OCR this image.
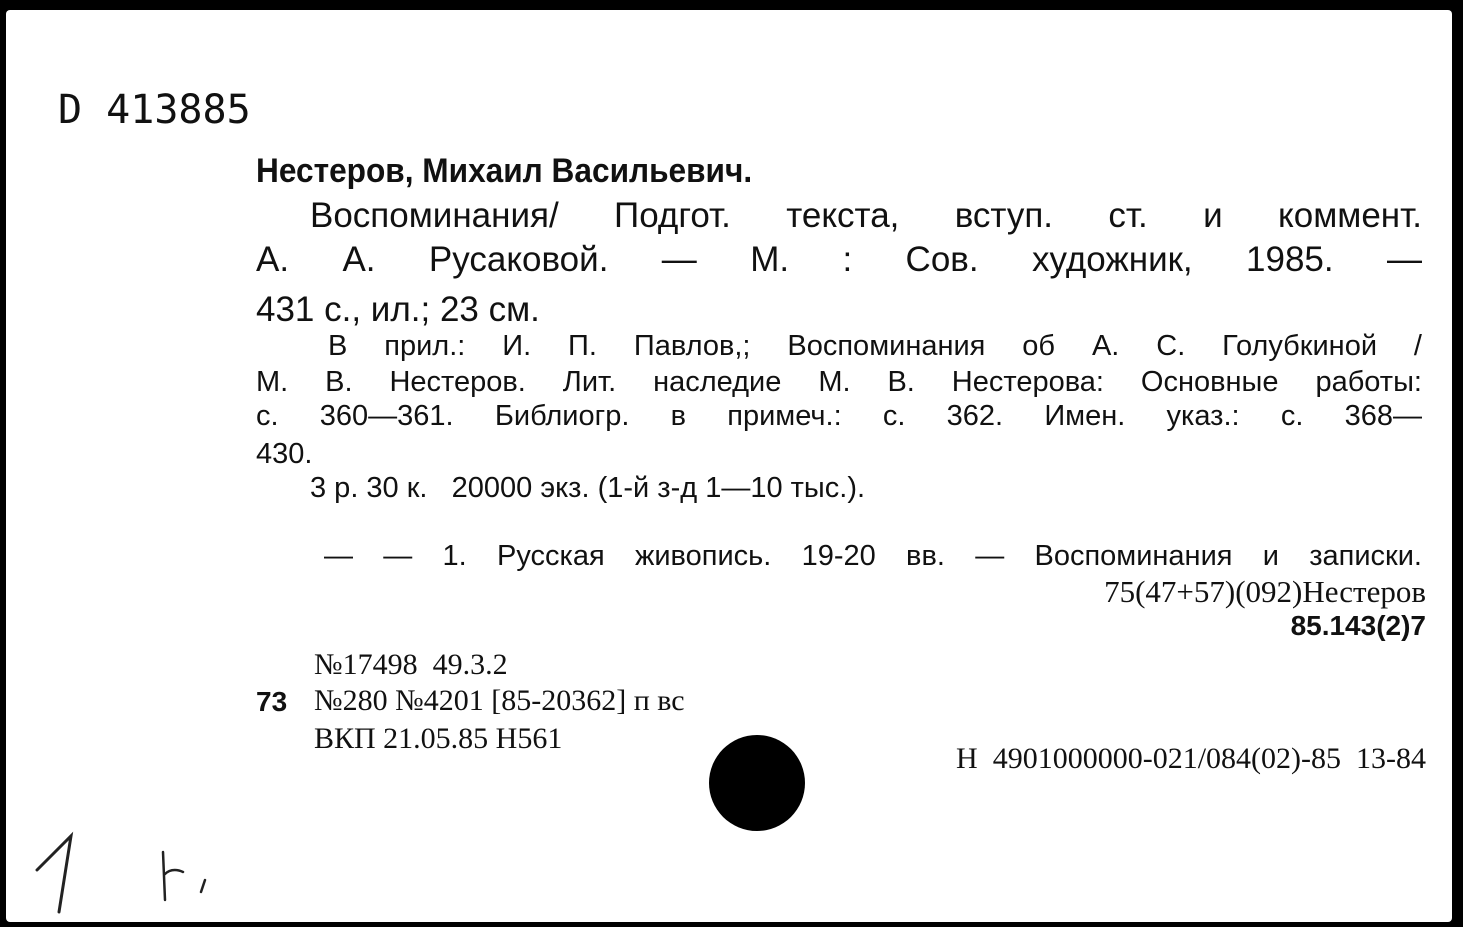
D 413885
Нестеров, Михаил Васильевич.
Воспоминания/ Подгот. текста, вступ. ст. и коммент.
А. А. Русаковой. — М. : Сов. художник, 1985. —
431 с., ил.; 23 см.
В прил.: И. П. Павлов,; Воспоминания об А. С. Голубкиной /
М. В. Нестеров. Лит. наследие М. В. Нестерова: Основные работы:
с. 360—361. Библиогр. в примеч.: с. 362. Имен. указ.: с. 368—
430.
3 р. 30 к.   20000 экз. (1-й з-д 1—10 тыс.).
— — 1. Русская живопись. 19-20 вв. — Воспоминания и записки.
75(47+57)(092)Нестеров
85.143(2)7
№17498  49.3.2
73 №280 №4201 [85-20362] п вс
ВКП 21.05.85 Н561
Н  4901000000-021/084(02)-85  13-84
